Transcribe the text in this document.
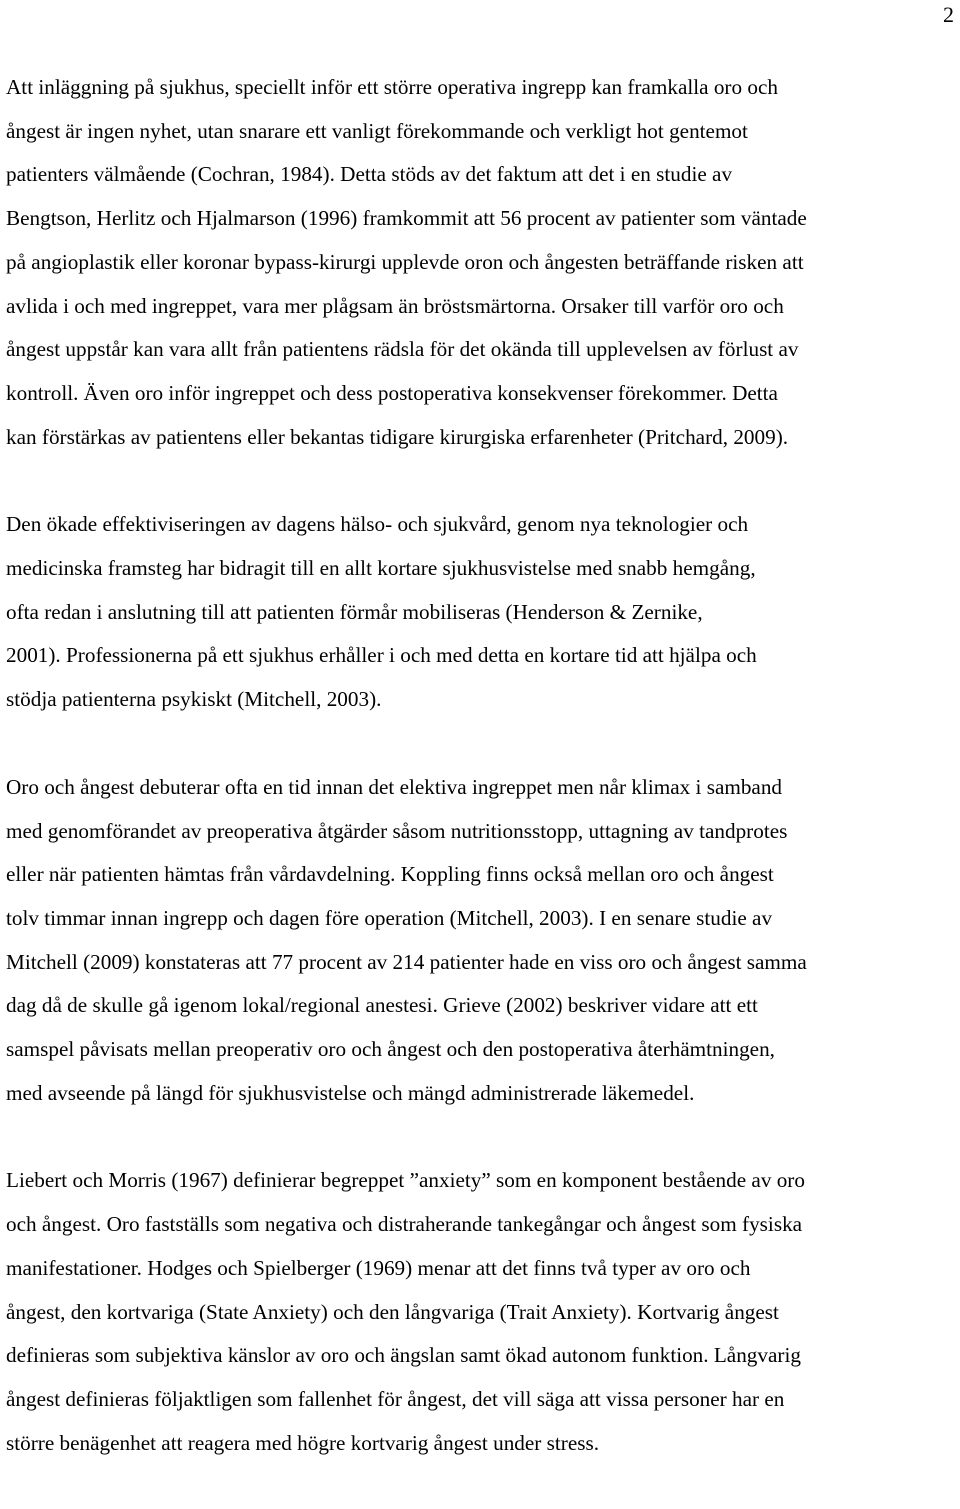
2

Att inläggning på sjukhus, speciellt inför ett större operativa ingrepp kan framkalla oro och
ångest är ingen nyhet, utan snarare ett vanligt förekommande och verkligt hot gentemot
patienters välmående (Cochran, 1984). Detta stöds av det faktum att det i en studie av
Bengtson, Herlitz och Hjalmarson (1996) framkommit att 56 procent av patienter som väntade
på angioplastik eller koronar bypass-kirurgi upplevde oron och ångesten beträffande risken att
avlida i och med ingreppet, vara mer plågsam än bröstsmärtorna. Orsaker till varför oro och
ångest uppstår kan vara allt från patientens rädsla för det okända till upplevelsen av förlust av
kontroll. Även oro inför ingreppet och dess postoperativa konsekvenser förekommer. Detta
kan förstärkas av patientens eller bekantas tidigare kirurgiska erfarenheter (Pritchard, 2009).

Den ökade effektiviseringen av dagens hälso- och sjukvård, genom nya teknologier och
medicinska framsteg har bidragit till en allt kortare sjukhusvistelse med snabb hemgång,
ofta redan i anslutning till att patienten förmår mobiliseras (Henderson & Zernike,
2001). Professionerna på ett sjukhus erhåller i och med detta en kortare tid att hjälpa och
stödja patienterna psykiskt (Mitchell, 2003).

Oro och ångest debuterar ofta en tid innan det elektiva ingreppet men når klimax i samband
med genomförandet av preoperativa åtgärder såsom nutritionsstopp, uttagning av tandprotes
eller när patienten hämtas från vårdavdelning. Koppling finns också mellan oro och ångest
tolv timmar innan ingrepp och dagen före operation (Mitchell, 2003). I en senare studie av
Mitchell (2009) konstateras att 77 procent av 214 patienter hade en viss oro och ångest samma
dag då de skulle gå igenom lokal/regional anestesi. Grieve (2002) beskriver vidare att ett
samspel påvisats mellan preoperativ oro och ångest och den postoperativa återhämtningen,
med avseende på längd för sjukhusvistelse och mängd administrerade läkemedel.

Liebert och Morris (1967) definierar begreppet ”anxiety” som en komponent bestående av oro
och ångest. Oro fastställs som negativa och distraherande tankegångar och ångest som fysiska
manifestationer. Hodges och Spielberger (1969) menar att det finns två typer av oro och
ångest, den kortvariga (State Anxiety) och den långvariga (Trait Anxiety). Kortvarig ångest
definieras som subjektiva känslor av oro och ängslan samt ökad autonom funktion. Långvarig
ångest definieras följaktligen som fallenhet för ångest, det vill säga att vissa personer har en
större benägenhet att reagera med högre kortvarig ångest under stress.
